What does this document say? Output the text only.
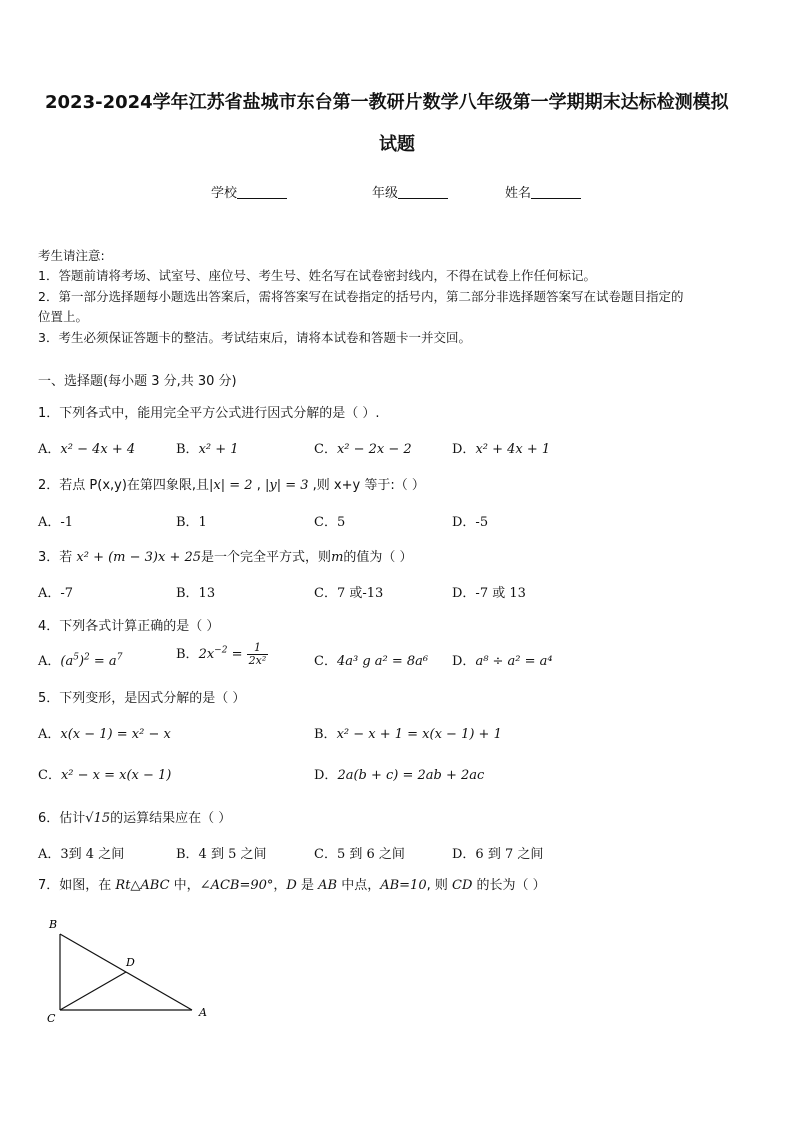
2023-2024学年江苏省盐城市东台第一教研片数学八年级第一学期期末达标检测模拟
试题
学校	年级	姓名
考生请注意:
1．答题前请将考场、试室号、座位号、考生号、姓名写在试卷密封线内，不得在试卷上作任何标记。
2．第一部分选择题每小题选出答案后，需将答案写在试卷指定的括号内，第二部分非选择题答案写在试卷题目指定的
位置上。
3．考生必须保证答题卡的整洁。考试结束后，请将本试卷和答题卡一并交回。
一、选择题(每小题 3 分,共 30 分)
1．下列各式中，能用完全平方公式进行因式分解的是（ ）.
A．x² − 4x + 4	B．x² + 1	C．x² − 2x − 2	D．x² + 4x + 1
2．若点 P(x,y)在第四象限,且|x| = 2 , |y| = 3 ,则 x+y 等于:（ ）
A．-1	B．1	C．5	D．-5
3．若 x² + (m − 3)x + 25是一个完全平方式，则m的值为（ ）
A．-7	B．13	C．7 或-13	D．-7 或 13
4．下列各式计算正确的是（ ）
A．$(a^5)^2 = a^7$	B．$2x^{-2} = \frac{1}{\text{2x²}}$	C．4a³ g a² = 8a⁶ D．a⁸ ÷ a² = a⁴
5．下列变形，是因式分解的是（ ）
A．x(x − 1) = x² − x	B．x² − x + 1 = x(x − 1) + 1
C．x² − x = x(x − 1)	D．2a(b + c) = 2ab + 2ac
6．估计√15的运算结果应在（ ）
A．3到 4 之间	B．4 到 5 之间	C．5 到 6 之间	D．6 到 7 之间
7．如图，在 Rt△ABC 中，∠ACB=90°，D 是 AB 中点，AB=10, 则 CD 的长为（ ）
B
C	A
D
